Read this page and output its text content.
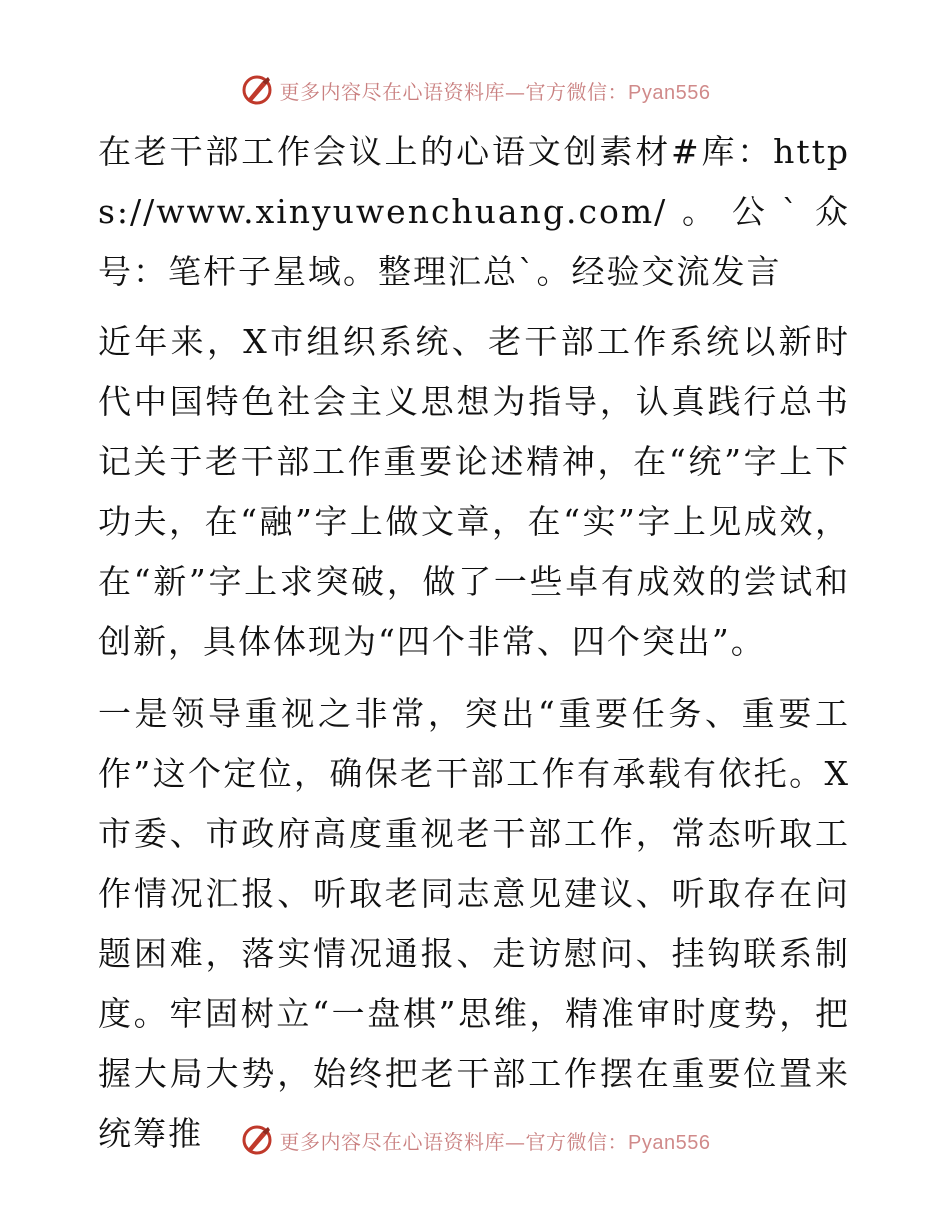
更多内容尽在心语资料库—官方微信：Pyan556

在老干部工作会议上的心语文创素材#库：https://www.xinyuwenchuang.com/。公`众号：笔杆子星域。整理汇总`。经验交流发言

近年来，X市组织系统、老干部工作系统以新时代中国特色社会主义思想为指导，认真践行总书记关于老干部工作重要论述精神，在“统”字上下功夫，在“融”字上做文章，在“实”字上见成效，在“新”字上求突破，做了一些卓有成效的尝试和创新，具体体现为“四个非常、四个突出”。

一是领导重视之非常，突出“重要任务、重要工作”这个定位，确保老干部工作有承载有依托。X市委、市政府高度重视老干部工作，常态听取工作情况汇报、听取老同志意见建议、听取存在问题困难，落实情况通报、走访慰问、挂钩联系制度。牢固树立“一盘棋”思维，精准审时度势，把握大局大势，始终把老干部工作摆在重要位置来统筹推	更多内容尽在心语资料库—官方微信：Pyan556
